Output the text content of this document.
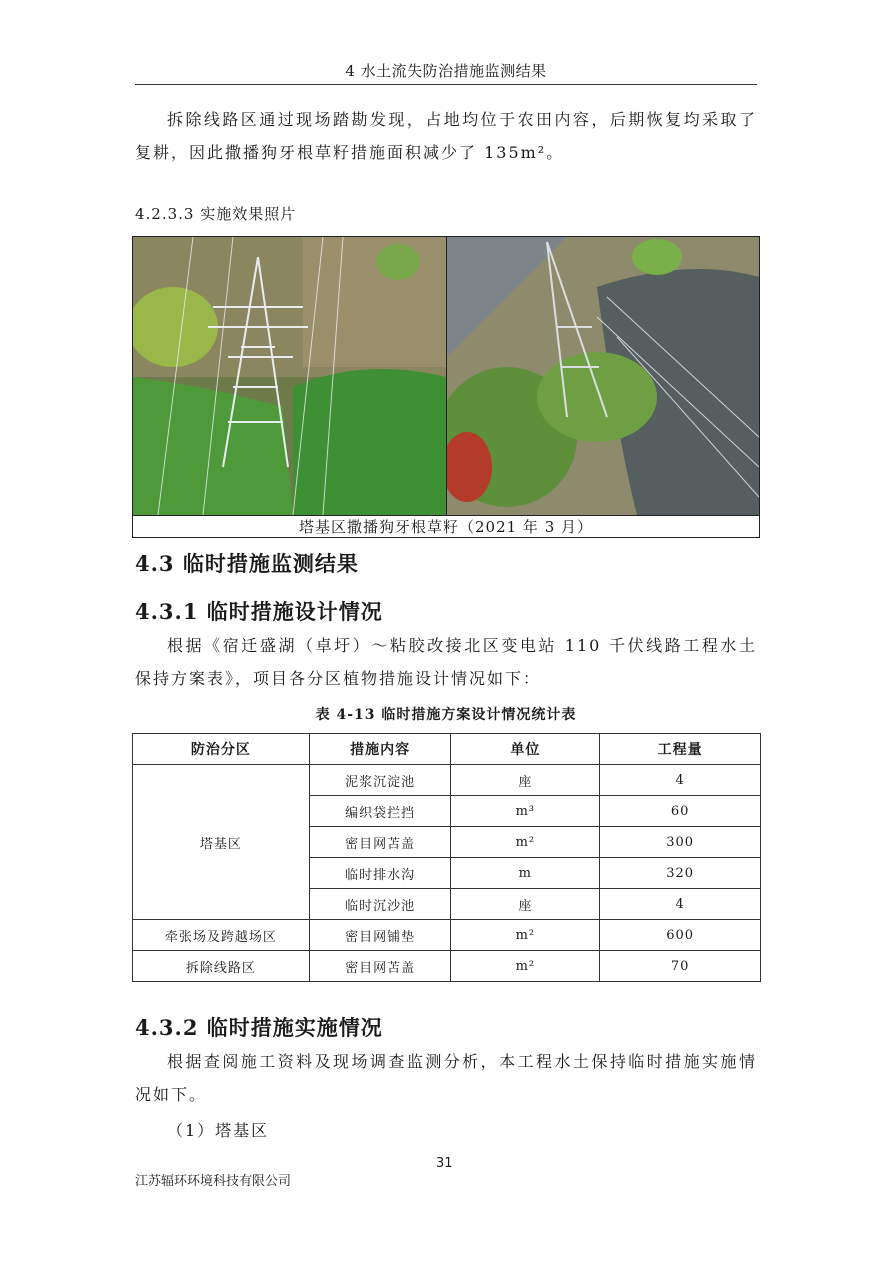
4 水土流失防治措施监测结果

拆除线路区通过现场踏勘发现，占地均位于农田内容，后期恢复均采取了复耕，因此撒播狗牙根草籽措施面积减少了 135m²。

4.2.3.3 实施效果照片
塔基区撒播狗牙根草籽（2021 年 3 月）
4.3 临时措施监测结果
4.3.1 临时措施设计情况

根据《宿迁盛湖（卓圩）～粘胶改接北区变电站 110 千伏线路工程水土保持方案表》，项目各分区植物措施设计情况如下：

表 4-13 临时措施方案设计情况统计表
防治分区	措施内容	单位	工程量
塔基区	泥浆沉淀池	座	4
	编织袋拦挡	m³	60
	密目网苫盖	m²	300
	临时排水沟	m	320
	临时沉沙池	座	4
牵张场及跨越场区	密目网铺垫	m²	600
拆除线路区	密目网苫盖	m²	70
4.3.2 临时措施实施情况

根据查阅施工资料及现场调查监测分析，本工程水土保持临时措施实施情况如下。

（1）塔基区
31
江苏辐环环境科技有限公司
